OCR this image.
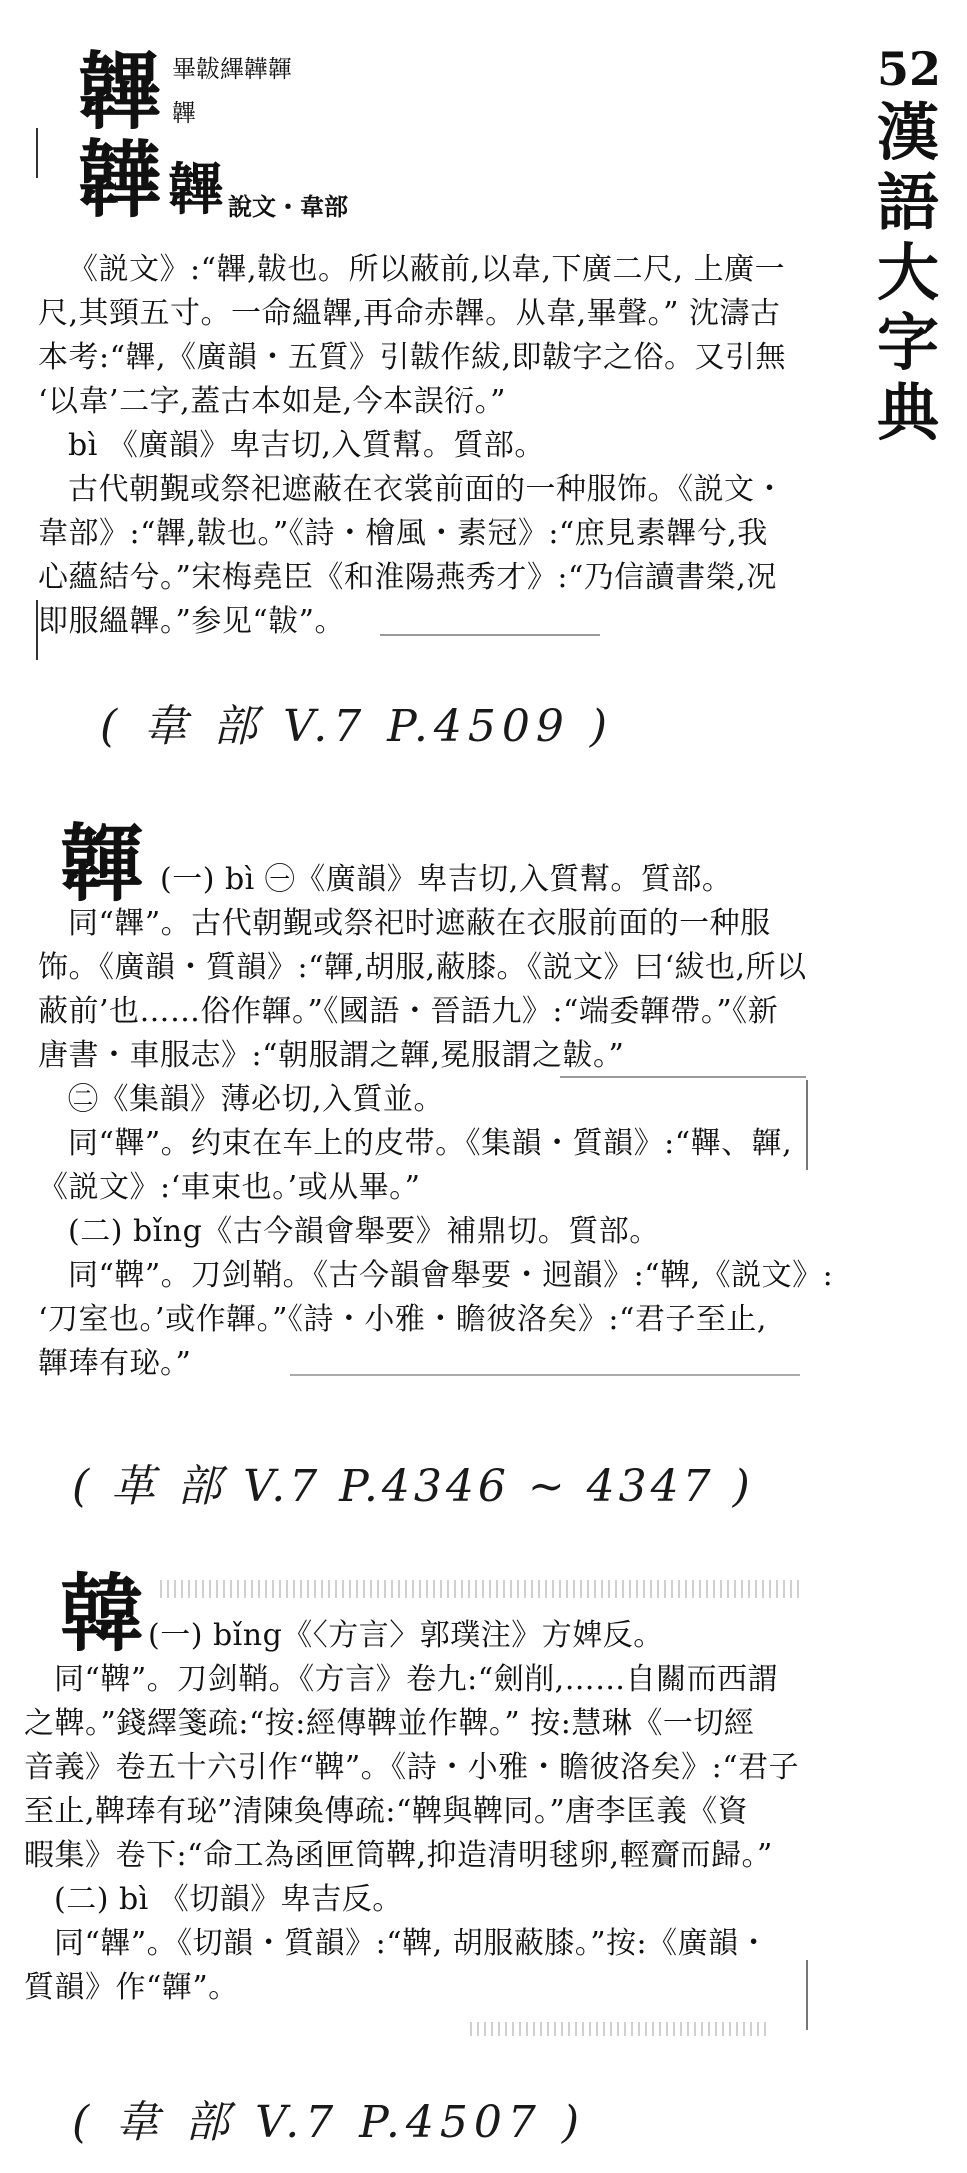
52
漢
語
大
字
典
韠 畢韍縪韡韗
韠
韡 韠 說文・韋部

《説文》:“韠,韍也。所以蔽前,以韋,下廣二尺, 上廣一

尺,其頸五寸。一命縕韠,再命赤韠。从韋,畢聲。” 沈濤古

本考:“韠,《廣韻・五質》引韍作紱,即韍字之俗。又引無

‘以韋’二字,蓋古本如是,今本誤衍。”

bì 《廣韻》卑吉切,入質幫。質部。

古代朝覲或祭祀遮蔽在衣裳前面的一种服饰。《説文・

韋部》:“韠,韍也。”《詩・檜風・素冠》:“庶見素韠兮,我

心蘊結兮。”宋梅堯臣《和淮陽燕秀才》:“乃信讀書榮,况

即服縕韠。”参见“韍”。

( 韋 部 V.7 P.4509 )
韗 (一) bì ㊀《廣韻》卑吉切,入質幫。質部。

同“韠”。古代朝覲或祭祀时遮蔽在衣服前面的一种服

饰。《廣韻・質韻》:“韗,胡服,蔽膝。《説文》曰‘紱也,所以

蔽前’也……俗作韗。”《國語・晉語九》:“端委韗帶。”《新

唐書・車服志》:“朝服謂之韗,冕服謂之韍。”

㊁《集韻》薄必切,入質並。

同“鞸”。约束在车上的皮带。《集韻・質韻》:“鞸、韗,

《説文》:‘車束也。’或从畢。”

(二) bǐng《古今韻會舉要》補鼎切。質部。

同“鞞”。刀剑鞘。《古今韻會舉要・迥韻》:“鞞,《説文》:

‘刀室也。’或作韗。”《詩・小雅・瞻彼洛矣》:“君子至止,

韗琫有珌。”

( 革 部 V.7 P.4346 ~ 4347 )
韓 (一) bǐng《〈方言〉郭璞注》方婢反。

同“鞞”。刀剑鞘。《方言》卷九:“劍削,……自關而西謂

之鞞。”錢繹箋疏:“按:經傳鞞並作鞞。” 按:慧琳《一切經

音義》卷五十六引作“鞞”。《詩・小雅・瞻彼洛矣》:“君子

至止,鞞琫有珌”清陳奐傳疏:“鞞與鞞同。”唐李匡義《資

暇集》卷下:“命工為函匣筒鞞,抑造清明毬卵,輕齎而歸。”

(二) bì 《切韻》卑吉反。

同“韠”。《切韻・質韻》:“鞞, 胡服蔽膝。”按:《廣韻・

質韻》作“韗”。

( 韋 部 V.7 P.4507 )
